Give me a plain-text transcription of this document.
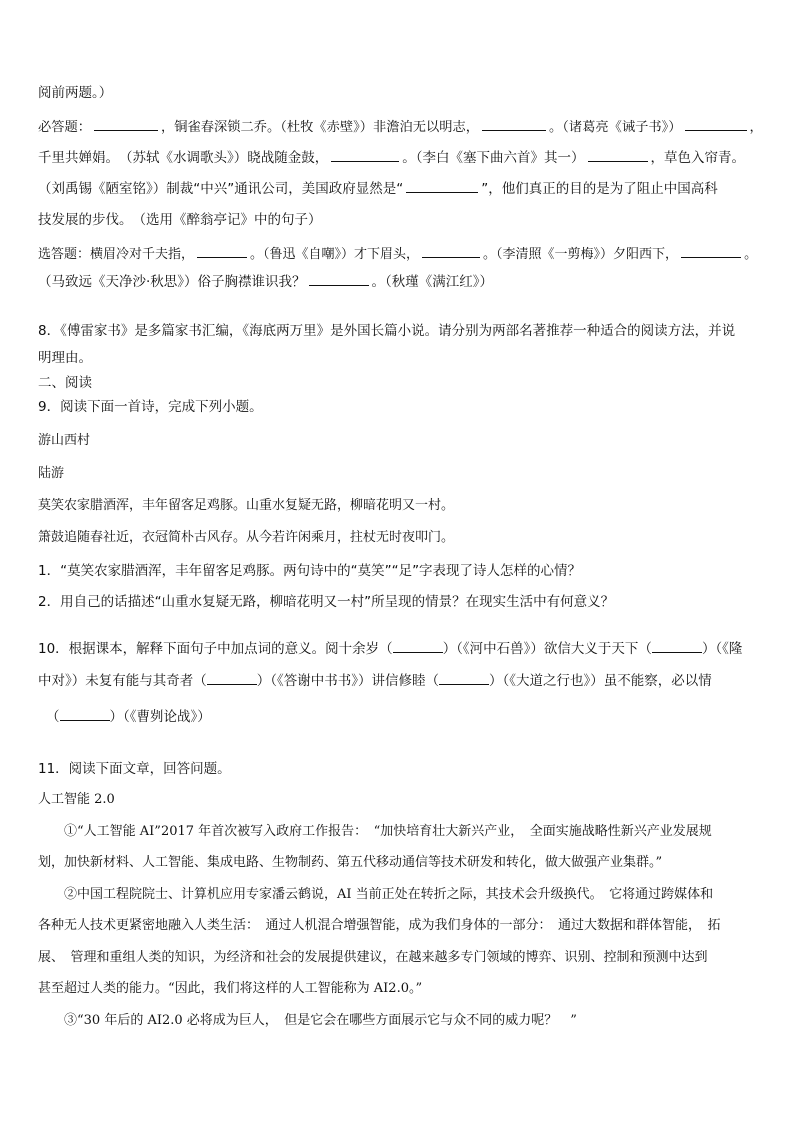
阅前两题。）
必答题：	，铜雀春深锁二乔。（杜牧《赤壁》）非澹泊无以明志，	。（诸葛亮《诫子书》）	，
千里共婵娟。　（苏轼《水调歌头》）晓战随金鼓，	。（李白《塞下曲六首》其一）	，草色入帘青。
（刘禹锡《陋室铭》）制裁“中兴”通讯公司，美国政府显然是“	”，他们真正的目的是为了阻止中国高科
技发展的步伐。　（选用《醉翁亭记》中的句子）
选答题：横眉冷对千夫指，	。（鲁迅《自嘲》）才下眉头，	。（李清照《一剪梅》）夕阳西下，	。
（马致远《天净沙·秋思》）俗子胸襟谁识我？	。（秋瑾《满江红》）
8．《傅雷家书》是多篇家书汇编，《海底两万里》是外国长篇小说。请分别为两部名著推荐一种适合的阅读方法，并说
明理由。
二、阅读
9．阅读下面一首诗，完成下列小题。
游山西村
陆游
莫笑农家腊酒浑，丰年留客足鸡豚。山重水复疑无路，柳暗花明又一村。
箫鼓追随春社近，衣冠简朴古风存。从今若许闲乘月，拄杖无时夜叩门。
1．“莫笑农家腊酒浑，丰年留客足鸡豚。两句诗中的“莫笑”“足”字表现了诗人怎样的心情？
2．用自己的话描述“山重水复疑无路，柳暗花明又一村”所呈现的情景？在现实生活中有何意义？
10．根据课本，解释下面句子中加点词的意义。阅十余岁（	）（《河中石兽》）欲信大义于天下（	）（《隆
中对》）未复有能与其奇者（	）（《答谢中书书》）讲信修睦（	）（《大道之行也》）虽不能察，必以情
（	）（《曹刿论战》）
11．阅读下面文章，回答问题。
人工智能 2.0
①“人工智能 AI”2017 年首次被写入政府工作报告：　“加快培育壮大新兴产业，　全面实施战略性新兴产业发展规
划，加快新材料、人工智能、集成电路、生物制药、第五代移动通信等技术研发和转化，做大做强产业集群。”
②中国工程院院士、计算机应用专家潘云鹤说，AI 当前正处在转折之际，其技术会升级换代。　它将通过跨媒体和
各种无人技术更紧密地融入人类生活：　通过人机混合增强智能，成为我们身体的一部分：　通过大数据和群体智能，　拓
展、　管理和重组人类的知识，为经济和社会的发展提供建议，在越来越多专门领域的博弈、识别、控制和预测中达到
甚至超过人类的能力。“因此，我们将这样的人工智能称为 AI2.0。”
③“30 年后的 AI2.0 必将成为巨人，　但是它会在哪些方面展示它与众不同的威力呢？　”
